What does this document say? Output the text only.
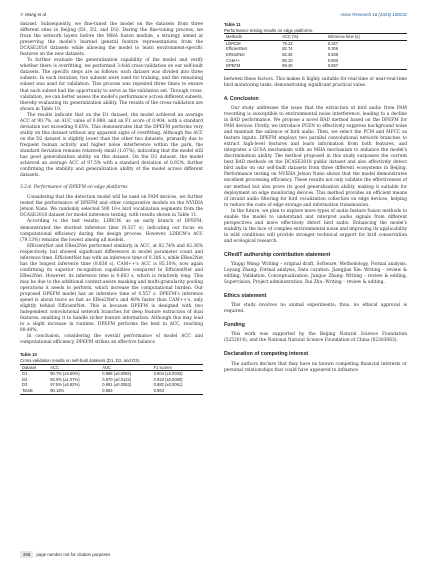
Y. Wang et al.	Avian Research 16 (2025) 100232

dataset. Subsequently, we fine-tuned the model on the datasets from three different sites in Beijing (D1, D2, and D3). During the fine-tuning process, we froze the network layers before the MHA fusion module, a strategy aimed at preserving the model's learned general feature representations from the DCASE2018 datasets while allowing the model to learn environment-specific features on the new datasets.

To further evaluate the generalization capability of the model and verify whether there is overfitting, we performed 3-fold cross-validation on our self-built datasets. The specific steps are as follows: each dataset was divided into three subsets. In each iteration, two subsets were used for training, and the remaining subset was used for validation. This process was repeated three times to ensure that each subset had the opportunity to serve as the validation set. Through cross-validation, we can better assess the model's performance across different subsets, thereby evaluating its generalization ability. The results of the cross-validation are shown in Table 10.

The results indicate that on the D1 dataset, the model achieved an average ACC of 90.7%, an AUC value of 0.988, and an F1 score of 0.904, with a standard deviation not exceeding 0.65%. This demonstrates that the DPEFM performs very stably on this dataset without any apparent signs of overfitting. Although the ACC on the D2 dataset is slightly lower than the other two datasets, primarily due to frequent human activity and higher noise interference within the park, the standard deviation remains relatively small (1.07%), indicating that the model still has good generalization ability on this dataset. On the D3 dataset, the model achieved an average ACC of 97.5% with a standard deviation of 0.92%, further confirming the stability and generalization ability of the model across different datasets.

3.2.4. Performance of DPEFM on edge platforms

Considering that the detection model will be used on PAM devices, we further tested the performance of DPEFM and other comparative models on the NVIDIA Jetson Nano. We randomly selected 500 10-s bird vocalization segments from the DCASE2018 dataset for model inference testing, with results shown in Table 11.

According to the test results, LDRCM, as an early branch of DPEFM, demonstrated the shortest inference time (0.327 s), indicating our focus on computational efficiency during the design process. However, LDRCM's ACC (79.13%) remains the lowest among all models.

EfficientNet and ERes2Net performed similarly in ACC, at 82.74% and 82.36% respectively, but showed significant differences in model parameter count and inference time. EfficientNet has with an inference time of 0.306 s, while ERes2Net has the longest inference time (0.838 s). CAM++'s ACC is 85.10%, now again confirming its superior recognition capabilities compared to EfficientNet and ERes2Net. However, its inference time is 0.603 s, which is relatively long. This may be due to the additional context-aware masking and multi-granularity pooling operations it needs to perform, which increase the computational burden. Our proposed DPEFM model has an inference time of 0.557 s. DPEFM's inference speed is about twice as fast as ERes2Net's and 40% faster than CAM++'s, only slightly behind EfficientNet. This is because DPEFM is designed with two independent convolutional network branches for deep feature extraction of dual features, enabling it to handle richer feature information. Although this may lead to a slight increase in runtime, DPEFM performs the best in ACC, reaching 89.40%.

In conclusion, considering the overall performance of model ACC and computational efficiency, DPEFM strikes an effective balance

Table 10
Cross-validation results on self-built datasets (D1, D2, and D3).
Dataset	ACC	AUC	F1 scores
D1	90.7% (±0.60%)	0.988 (±0.0082)	0.904 (±0.0033)
D2	92.0% (±1.07%)	0.970 (±0.0123)	0.923 (±0.0060)
D3	97.5% (±0.92%)	0.991 (±0.0063)	0.982 (±0.0061)
Totals	90.13%	0.983	0.963
Table 11
Performance testing results on edge platforms.
Methods	ACC (%)	Inference time (s)
LDRCM	79.13	0.327
EfficientNet	82.74	0.306
ERes2Net	82.36	0.838
CAM++	85.10	0.603
DPEFM	89.40	0.557

between these factors. This makes it highly suitable for real-time or near-real-time bird monitoring tasks, demonstrating significant practical value.

4. Conclusion

Our study addresses the issue that the extraction of bird audio from PAM recording is susceptible to environmental noise interference, leading to a decline in BAD performance. We propose a novel BAD method based on the DPEFM for PAM devices. Firstly, we introduce PCEN to effectively suppress background noise and maintain the salience of bird audio. Then, we select the PCM and MFCC as feature inputs. DPEFM employs two parallel convolutional network branches to extract high-level features and learn information from both features, and integrates a GCSA mechanism with an MHA mechanism to enhance the model's discrimination ability. The method proposed in this study surpasses the current best BAD methods on the DCASE2018 public dataset and also effectively detect bird audio on our self-built datasets from three different ecosystems in Beijing. Performance testing on NVIDIA Jetson Nano shows that the model demonstrates excellent processing efficiency. These results not only validate the effectiveness of our method but also prove its good generalization ability, making it suitable for deployment on edge monitoring devices. This method provides an efficient means of invalid audio filtering for bird vocalization collection on edge devices, helping to reduce the costs of edge storage and information transmission.

In the future, we plan to explore more types of audio feature fusion methods to enable the model to understand and interpret audio signals from different perspectives and more effectively detect bird audio. Enhancing the model's stability in the face of complex environmental noise and improving its applicability in wild conditions will provide stronger technical support for bird conservation and ecological research.

CRediT authorship contribution statement

Yingqi Wang: Writing – original draft, Software, Methodology, Formal analysis. Luyang Zhang: Formal analysis, Data curation. Jiangjian Xie: Writing – review & editing, Validation, Conceptualization. Junguo Zhang: Writing – review & editing, Supervision, Project administration. Rui Zhu: Writing – review & editing.

Ethics statement

This study involves no animal experiments; thus, no ethical approval is required.

Funding

This work was supported by the Beijing Natural Science Foundation (5252014), and the National Natural Science Foundation of China (62303063).

Declaration of competing interest

The authors declare that they have no known competing financial interests or personal relationships that could have appeared to influence

206	page number not for citation purposes
